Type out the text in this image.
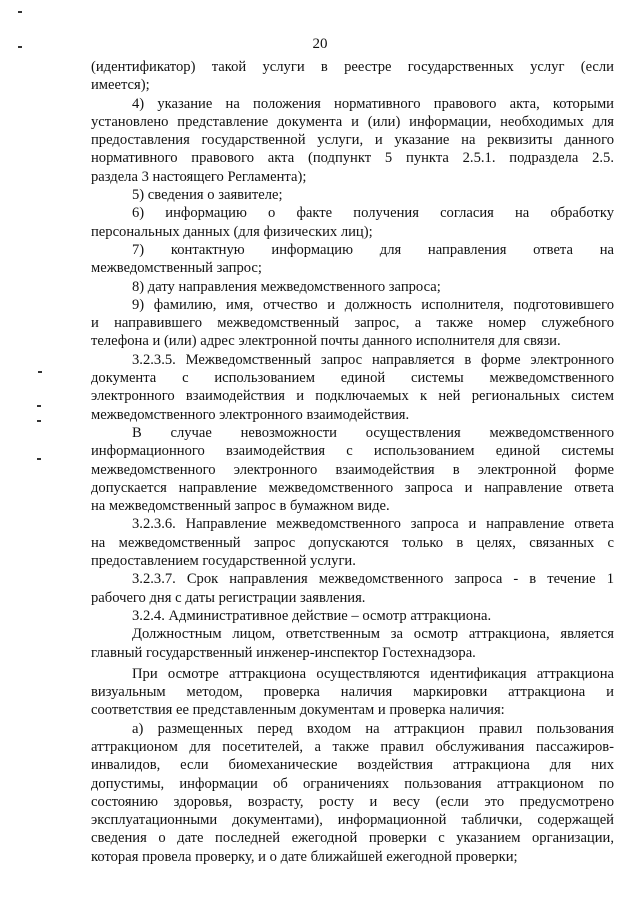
20

(идентификатор) такой услуги в реестре государственных услуг (если

имеется);

4) указание на положения нормативного правового акта, которыми

установлено представление документа и (или) информации, необходимых для

предоставления государственной услуги, и указание на реквизиты данного

нормативного правового акта (подпункт 5 пункта 2.5.1. подраздела 2.5.

раздела 3 настоящего Регламента);

5) сведения о заявителе;

6) информацию о факте получения согласия на обработку

персональных данных (для физических лиц);

7) контактную информацию для направления ответа на

межведомственный запрос;

8) дату направления межведомственного запроса;

9) фамилию, имя, отчество и должность исполнителя, подготовившего

и направившего межведомственный запрос, а также номер служебного

телефона и (или) адрес электронной почты данного исполнителя для связи.

3.2.3.5. Межведомственный запрос направляется в форме электронного

документа с использованием единой системы межведомственного

электронного взаимодействия и подключаемых к ней региональных систем

межведомственного электронного взаимодействия.

В случае невозможности осуществления межведомственного

информационного взаимодействия с использованием единой системы

межведомственного электронного взаимодействия в электронной форме

допускается направление межведомственного запроса и направление ответа

на межведомственный запрос в бумажном виде.

3.2.3.6. Направление межведомственного запроса и направление ответа

на межведомственный запрос допускаются только в целях, связанных с

предоставлением государственной услуги.

3.2.3.7. Срок направления межведомственного запроса - в течение 1

рабочего дня с даты регистрации заявления.

3.2.4. Административное действие – осмотр аттракциона.

Должностным лицом, ответственным за осмотр аттракциона, является

главный государственный инженер-инспектор Гостехнадзора.

При осмотре аттракциона осуществляются идентификация аттракциона

визуальным методом, проверка наличия маркировки аттракциона и

соответствия ее представленным документам и проверка наличия:

а) размещенных перед входом на аттракцион правил пользования

аттракционом для посетителей, а также правил обслуживания пассажиров-

инвалидов, если биомеханические воздействия аттракциона для них

допустимы, информации об ограничениях пользования аттракционом по

состоянию здоровья, возрасту, росту и весу (если это предусмотрено

эксплуатационными документами), информационной таблички, содержащей

сведения о дате последней ежегодной проверки с указанием организации,

которая провела проверку, и о дате ближайшей ежегодной проверки;
